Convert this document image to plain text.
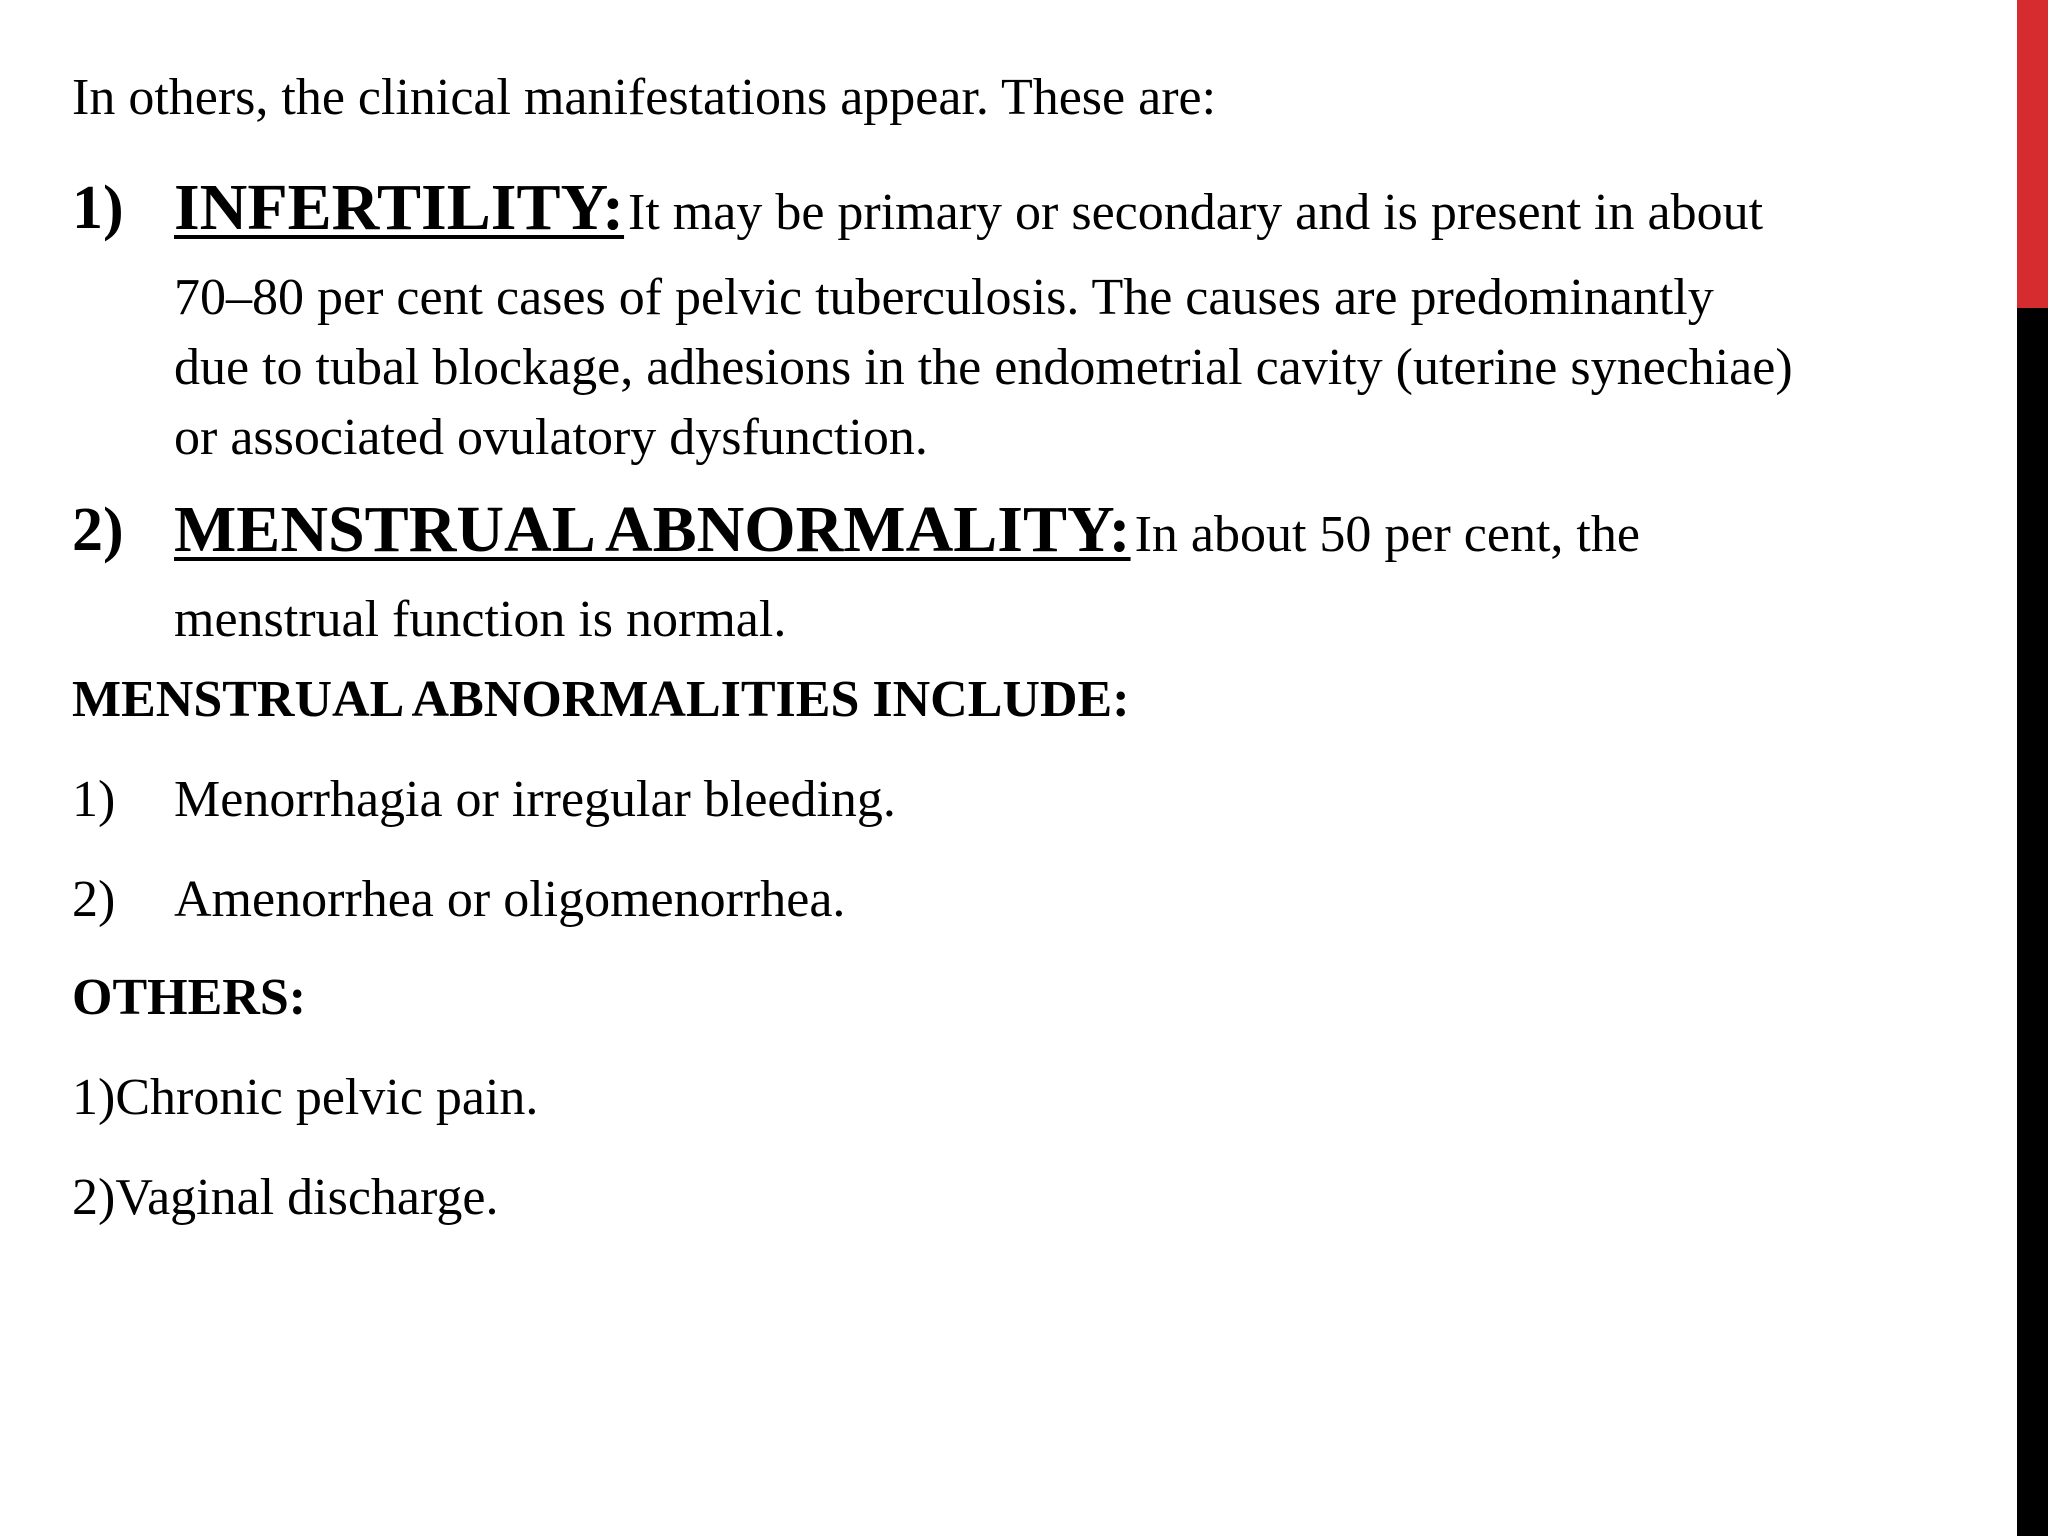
In others, the clinical manifestations appear. These are:
1) INFERTILITY: It may be primary or secondary and is present in about
70–80 per cent cases of pelvic tuberculosis. The causes are predominantly
due to tubal blockage, adhesions in the endometrial cavity (uterine synechiae)
or associated ovulatory dysfunction.
2) MENSTRUAL ABNORMALITY: In about 50 per cent, the
menstrual function is normal.
MENSTRUAL ABNORMALITIES INCLUDE:
1) Menorrhagia or irregular bleeding.
2) Amenorrhea or oligomenorrhea.
OTHERS:
1)Chronic pelvic pain.
2)Vaginal discharge.
